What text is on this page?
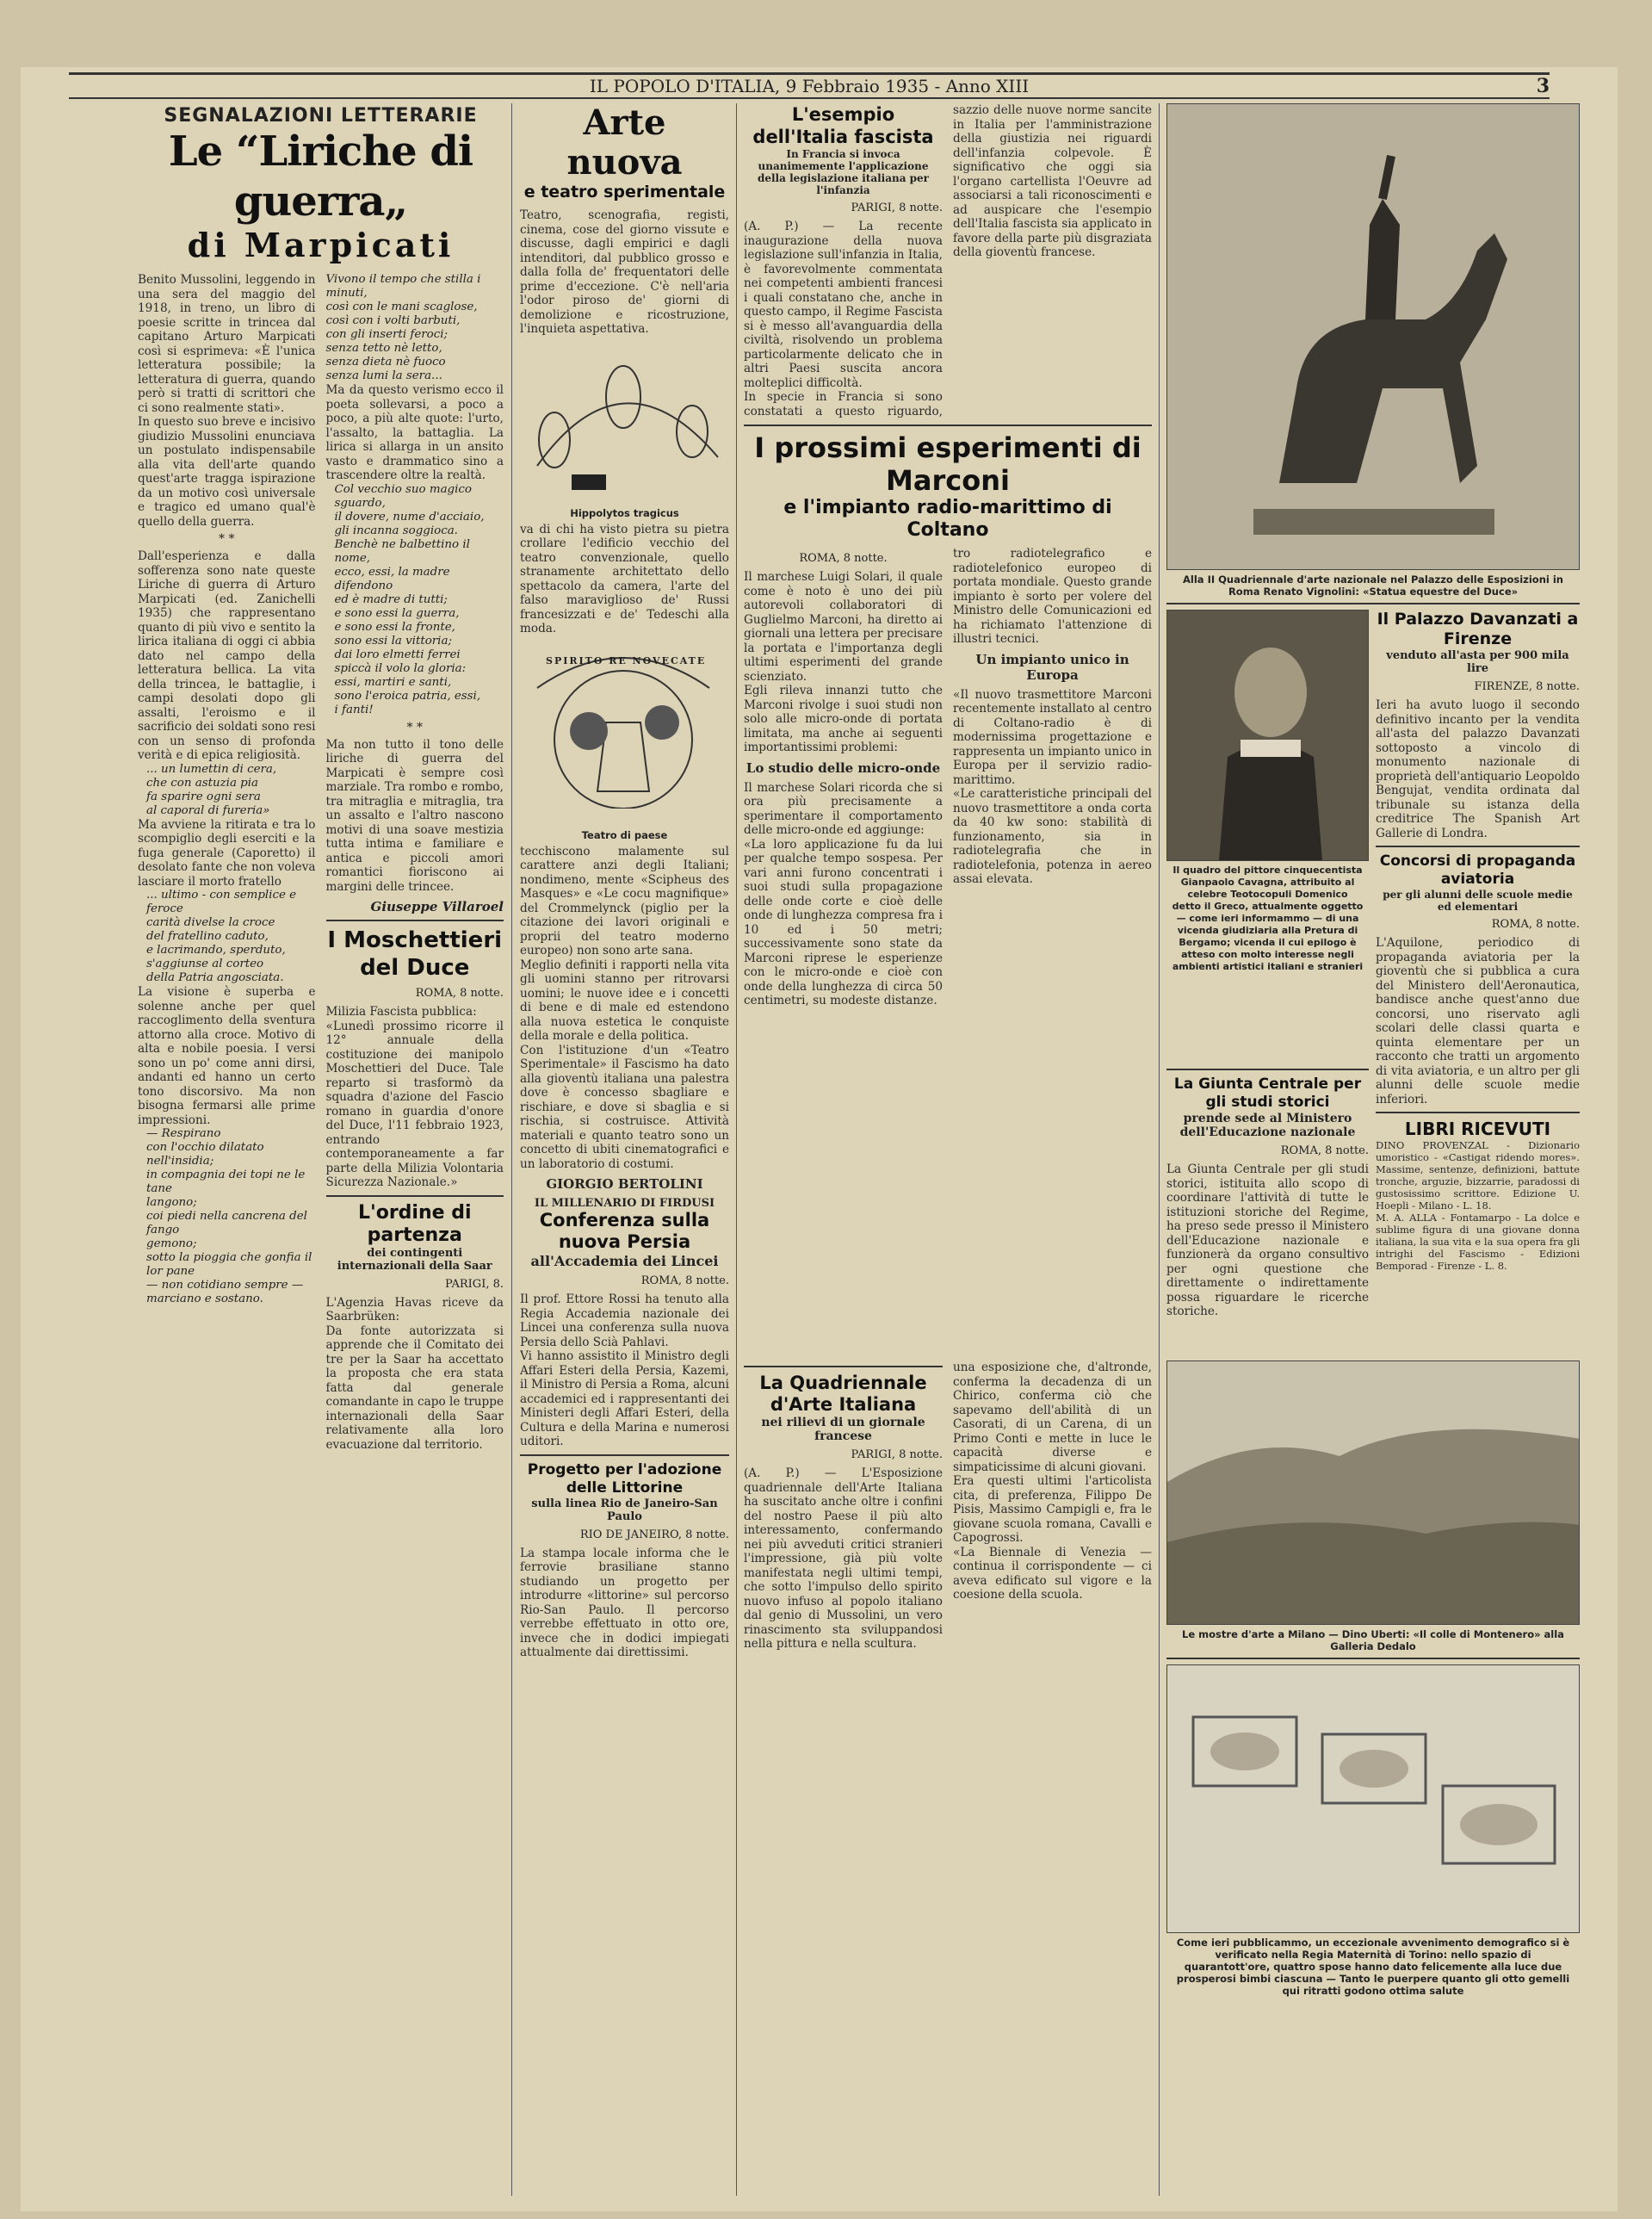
IL POPOLO D'ITALIA, 9 Febbraio 1935 - Anno XIII	3
SEGNALAZIONI LETTERARIE
Le “Liriche di guerra„
di Marpicati

Benito Mussolini, leggendo in una sera del maggio del 1918, in treno, un libro di poesie scritte in trincea dal capitano Arturo Marpicati così si esprimeva: «È l'unica letteratura possibile; la letteratura di guerra, quando però si tratti di scrittori che ci sono realmente stati».
In questo suo breve e incisivo giudizio Mussolini enunciava un postulato indispensabile alla vita dell'arte quando quest'arte tragga ispirazione da un motivo così universale e tragico ed umano qual'è quello della guerra.

* *

Dall'esperienza e dalla sofferenza sono nate queste Liriche di guerra di Arturo Marpicati (ed. Zanichelli 1935) che rappresentano quanto di più vivo e sentito la lirica italiana di oggi ci abbia dato nel campo della letteratura bellica. La vita della trincea, le battaglie, i campi desolati dopo gli assalti, l'eroismo e il sacrificio dei soldati sono resi con un senso di profonda verità e di epica religiosità.

... un lumettin di cera,
che con astuzia pia
fa sparire ogni sera
al caporal di fureria»

Ma avviene la ritirata e tra lo scompiglio degli eserciti e la fuga generale (Caporetto) il desolato fante che non voleva lasciare il morto fratello

... ultimo - con semplice e feroce
carità divelse la croce
del fratellino caduto,
e lacrimando, sperduto,
s'aggiunse al corteo
della Patria angosciata.

La visione è superba e solenne anche per quel raccoglimento della sventura attorno alla croce. Motivo di alta e nobile poesia. I versi sono un po' come anni dirsi, andanti ed hanno un certo tono discorsivo. Ma non bisogna fermarsi alle prime impressioni.

— Respirano
con l'occhio dilatato nell'insidia;
in compagnia dei topi ne le tane
langono;
coi piedi nella cancrena del fango
gemono;
sotto la pioggia che gonfia il lor pane
— non cotidiano sempre —
marciano e sostano.

Vivono il tempo che stilla i minuti,
così con le mani scaglose,
così con i volti barbuti,
con gli inserti feroci;
senza tetto nè letto,
senza dieta nè fuoco
senza lumi la sera...

Ma da questo verismo ecco il poeta sollevarsi, a poco a poco, a più alte quote: l'urto, l'assalto, la battaglia. La lirica si allarga in un ansito vasto e drammatico sino a trascendere oltre la realtà.

Col vecchio suo magico sguardo,
il dovere, nume d'acciaio,
gli incanna soggioca.

Benchè ne balbettino il nome,
ecco, essi, la madre difendono
ed è madre di tutti;
e sono essi la guerra,
e sono essi la fronte,
sono essi la vittoria;
dai loro elmetti ferrei
spiccà il volo la gloria:
essi, martiri e santi,
sono l'eroica patria, essi,
i fanti!

* *

Ma non tutto il tono delle liriche di guerra del Marpicati è sempre così marziale. Tra rombo e rombo, tra mitraglia e mitraglia, tra un assalto e l'altro nascono motivi di una soave mestizia tutta intima e familiare e antica e piccoli amori romantici fioriscono ai margini delle trincee.

Giuseppe Villaroel
I Moschettieri del Duce
ROMA, 8 notte.

Milizia Fascista pubblica:
«Lunedì prossimo ricorre il 12° annuale della costituzione dei manipolo Moschettieri del Duce. Tale reparto si trasformò da squadra d'azione del Fascio romano in guardia d'onore del Duce, l'11 febbraio 1923, entrando contemporaneamente a far parte della Milizia Volontaria Sicurezza Nazionale.»

L'ordine di partenza
dei contingenti internazionali della Saar
PARIGI, 8.

L'Agenzia Havas riceve da Saarbrüken:
Da fonte autorizzata si apprende che il Comitato dei tre per la Saar ha accettato la proposta che era stata fatta dal generale comandante in capo le truppe internazionali della Saar relativamente alla loro evacuazione dal territorio.

Arte nuova
e teatro sperimentale

Teatro, scenografia, registi, cinema, cose del giorno vissute e discusse, dagli empirici e dagli intenditori, dal pubblico grosso e dalla folla de' frequentatori delle prime d'eccezione. C'è nell'aria l'odor piroso de' giorni di demolizione e ricostruzione, l'inquieta aspettativa.

Hippolytos tragicus

va di chi ha visto pietra su pietra crollare l'edificio vecchio del teatro convenzionale, quello stranamente architettato dello spettacolo da camera, l'arte del falso maraviglioso de' Russi francesizzati e de' Tedeschi alla moda.

SPIRITO RE NOVECATE
Teatro di paese

tecchiscono malamente sul carattere anzi degli Italiani; nondimeno, mente «Scipheus des Masques» e «Le cocu magnifique» del Crommelynck (piglio per la citazione dei lavori originali e proprii del teatro moderno europeo) non sono arte sana.
Meglio definiti i rapporti nella vita gli uomini stanno per ritrovarsi uomini; le nuove idee e i concetti di bene e di male ed estendono alla nuova estetica le conquiste della morale e della politica.
Con l'istituzione d'un «Teatro Sperimentale» il Fascismo ha dato alla gioventù italiana una palestra dove è concesso sbagliare e rischiare, e dove si sbaglia e si rischia, si costruisce. Attività materiali e quanto teatro sono un concetto di ubiti cinematografici e un laboratorio di costumi.

GIORGIO BERTOLINI
IL MILLENARIO DI FIRDUSI
Conferenza sulla nuova Persia
all'Accademia dei Lincei
ROMA, 8 notte.

Il prof. Ettore Rossi ha tenuto alla Regia Accademia nazionale dei Lincei una conferenza sulla nuova Persia dello Scià Pahlavi.
Vi hanno assistito il Ministro degli Affari Esteri della Persia, Kazemi, il Ministro di Persia a Roma, alcuni accademici ed i rappresentanti dei Ministeri degli Affari Esteri, della Cultura e della Marina e numerosi uditori.

Progetto per l'adozione delle Littorine
sulla linea Rio de Janeiro-San Paulo
RIO DE JANEIRO, 8 notte.

La stampa locale informa che le ferrovie brasiliane stanno studiando un progetto per introdurre «littorine» sul percorso Rio-San Paulo. Il percorso verrebbe effettuato in otto ore, invece che in dodici impiegati attualmente dai direttissimi.

L'esempio dell'Italia fascista
In Francia si invoca unanimemente l'applicazione della legislazione italiana per l'infanzia
PARIGI, 8 notte.

(A. P.) — La recente inaugurazione della nuova legislazione sull'infanzia in Italia, è favorevolmente commentata nei competenti ambienti francesi i quali constatano che, anche in questo campo, il Regime Fascista si è messo all'avanguardia della civiltà, risolvendo un problema particolarmente delicato che in altri Paesi suscita ancora molteplici difficoltà.
In specie in Francia si sono constatati a questo riguardo,

sazzio delle nuove norme sancite in Italia per l'amministrazione della giustizia nei riguardi dell'infanzia colpevole. È significativo che oggi sia l'organo cartellista l'Oeuvre ad associarsi a tali riconoscimenti e ad auspicare che l'esempio dell'Italia fascista sia applicato in favore della parte più disgraziata della gioventù francese.

I prossimi esperimenti di Marconi
e l'impianto radio-marittimo di Coltano
ROMA, 8 notte.

Il marchese Luigi Solari, il quale come è noto è uno dei più autorevoli collaboratori di Guglielmo Marconi, ha diretto ai giornali una lettera per precisare la portata e l'importanza degli ultimi esperimenti del grande scienziato.
Egli rileva innanzi tutto che Marconi rivolge i suoi studi non solo alle micro-onde di portata limitata, ma anche ai seguenti importantissimi problemi:

Lo studio delle micro-onde

Il marchese Solari ricorda che si ora più precisamente a sperimentare il comportamento delle micro-onde ed aggiunge:
«La loro applicazione fu da lui per qualche tempo sospesa. Per vari anni furono concentrati i suoi studi sulla propagazione delle onde corte e cioè delle onde di lunghezza compresa fra i 10 ed i 50 metri; successivamente sono state da Marconi riprese le esperienze con le micro-onde e cioè con onde della lunghezza di circa 50 centimetri, su modeste distanze.

tro radiotelegrafico e radiotelefonico europeo di portata mondiale. Questo grande impianto è sorto per volere del Ministro delle Comunicazioni ed ha richiamato l'attenzione di illustri tecnici.

Un impianto unico in Europa

«Il nuovo trasmettitore Marconi recentemente installato al centro di Coltano-radio è di modernissima progettazione e rappresenta un impianto unico in Europa per il servizio radio-marittimo.
«Le caratteristiche principali del nuovo trasmettitore a onda corta da 40 kw sono: stabilità di funzionamento, sia in radiotelegrafia che in radiotelefonia, potenza in aereo assai elevata.

La Quadriennale d'Arte Italiana
nei rilievi di un giornale francese
PARIGI, 8 notte.

(A. P.) — L'Esposizione quadriennale dell'Arte Italiana ha suscitato anche oltre i confini del nostro Paese il più alto interessamento, confermando nei più avveduti critici stranieri l'impressione, già più volte manifestata negli ultimi tempi, che sotto l'impulso dello spirito nuovo infuso al popolo italiano dal genio di Mussolini, un vero rinascimento sta sviluppandosi nella pittura e nella scultura.

una esposizione che, d'altronde, conferma la decadenza di un Chirico, conferma ciò che sapevamo dell'abilità di un Casorati, di un Carena, di un Primo Conti e mette in luce le capacità diverse e simpaticissime di alcuni giovani.
Era questi ultimi l'articolista cita, di preferenza, Filippo De Pisis, Massimo Campigli e, fra le giovane scuola romana, Cavalli e Capogrossi.
«La Biennale di Venezia — continua il corrispondente — ci aveva edificato sul vigore e la coesione della scuola.

Alla II Quadriennale d'arte nazionale nel Palazzo delle Esposizioni in Roma Renato Vignolini: «Statua equestre del Duce»
Il quadro del pittore cinquecentista Gianpaolo Cavagna, attribuito al celebre Teotocopuli Domenico detto il Greco, attualmente oggetto — come ieri informammo — di una vicenda giudiziaria alla Pretura di Bergamo; vicenda il cui epilogo è atteso con molto interesse negli ambienti artistici italiani e stranieri
Il Palazzo Davanzati a Firenze
venduto all'asta per 900 mila lire
FIRENZE, 8 notte.

Ieri ha avuto luogo il secondo definitivo incanto per la vendita all'asta del palazzo Davanzati sottoposto a vincolo di monumento nazionale di proprietà dell'antiquario Leopoldo Bengujat, vendita ordinata dal tribunale su istanza della creditrice The Spanish Art Gallerie di Londra.

Concorsi di propaganda aviatoria
per gli alunni delle scuole medie ed elementari
ROMA, 8 notte.

L'Aquilone, periodico di propaganda aviatoria per la gioventù che si pubblica a cura del Ministero dell'Aeronautica, bandisce anche quest'anno due concorsi, uno riservato agli scolari delle classi quarta e quinta elementare per un racconto che tratti un argomento di vita aviatoria, e un altro per gli alunni delle scuole medie inferiori.

LIBRI RICEVUTI

DINO PROVENZAL - Dizionario umoristico - «Castigat ridendo mores». Massime, sentenze, definizioni, battute tronche, arguzie, bizzarrie, paradossi di gustosissimo scrittore. Edizione U. Hoepli - Milano - L. 18.
M. A. ALLA - Fontamarpo - La dolce e sublime figura di una giovane donna italiana, la sua vita e la sua opera fra gli intrighi del Fascismo - Edizioni Bemporad - Firenze - L. 8.

La Giunta Centrale per gli studi storici
prende sede al Ministero dell'Educazione nazionale
ROMA, 8 notte.

La Giunta Centrale per gli studi storici, istituita allo scopo di coordinare l'attività di tutte le istituzioni storiche del Regime, ha preso sede presso il Ministero dell'Educazione nazionale e funzionerà da organo consultivo per ogni questione che direttamente o indirettamente possa riguardare le ricerche storiche.

Le mostre d'arte a Milano — Dino Uberti: «Il colle di Montenero» alla Galleria Dedalo
Come ieri pubblicammo, un eccezionale avvenimento demografico si è verificato nella Regia Maternità di Torino: nello spazio di quarantott'ore, quattro spose hanno dato felicemente alla luce due prosperosi bimbi ciascuna — Tanto le puerpere quanto gli otto gemelli qui ritratti godono ottima salute
